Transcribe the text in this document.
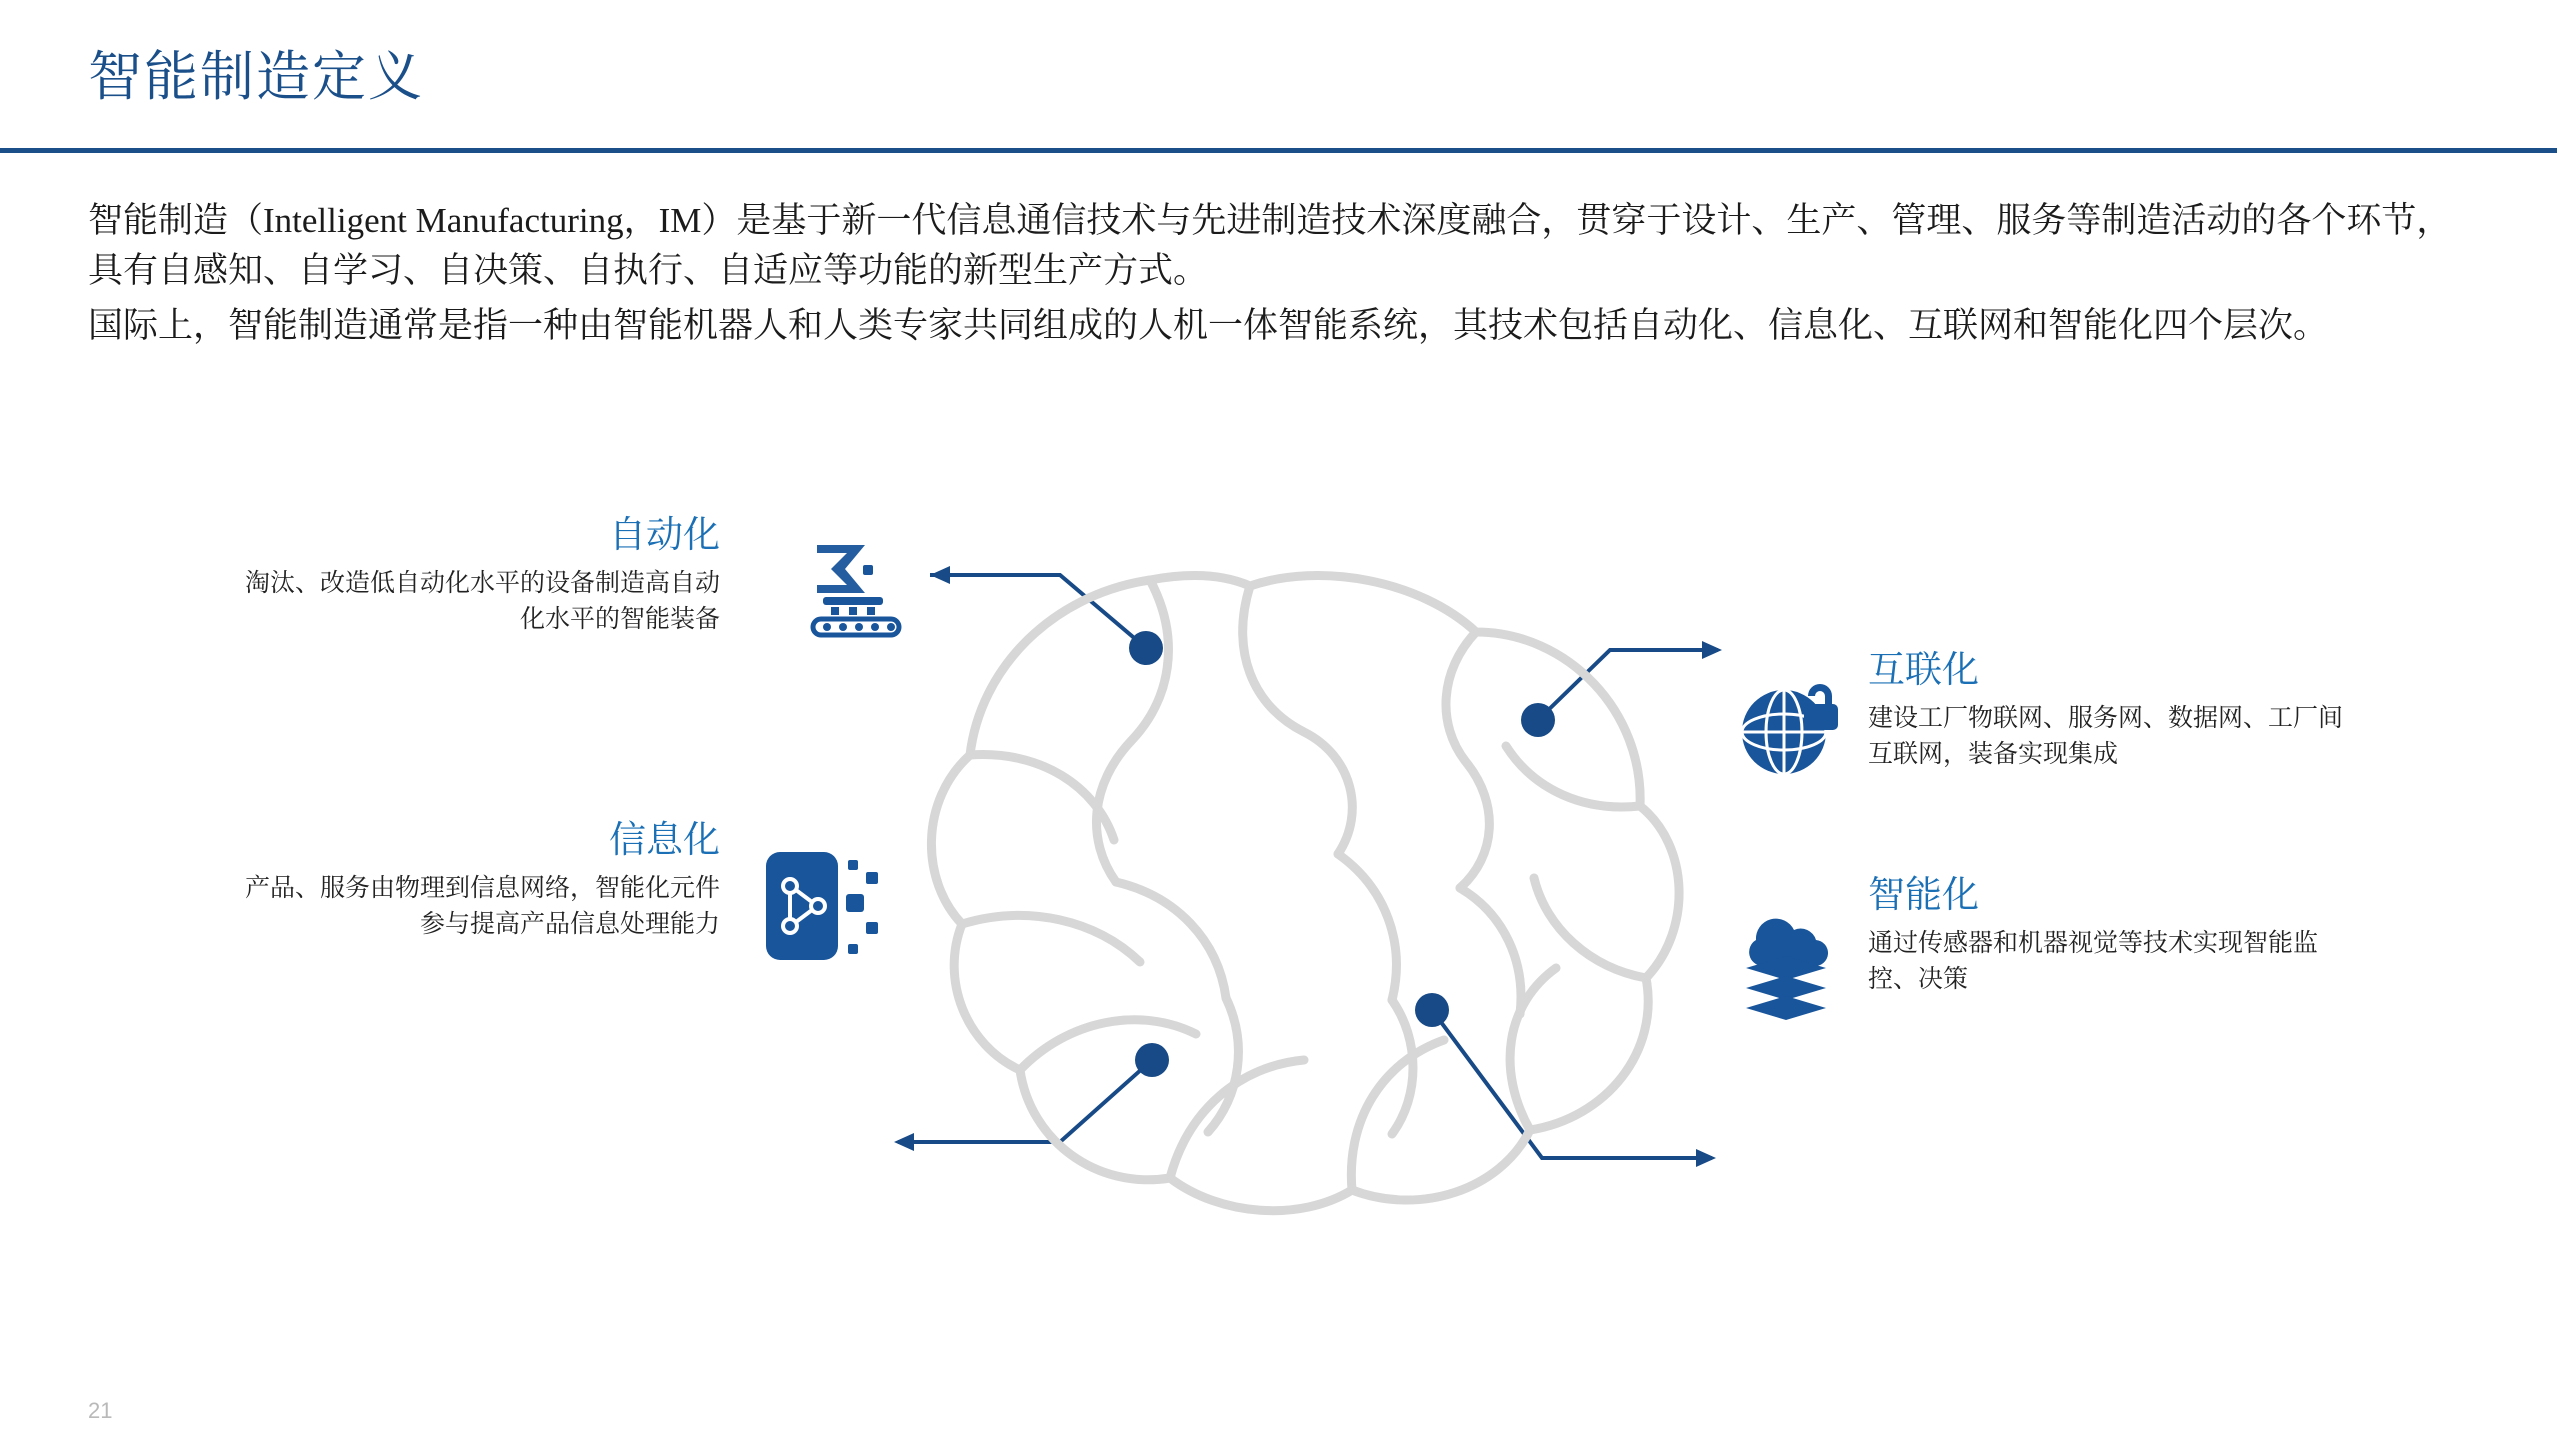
智能制造定义

智能制造（Intelligent Manufacturing，IM）是基于新一代信息通信技术与先进制造技术深度融合，贯穿于设计、生产、管理、服务等制造活动的各个环节，具有自感知、自学习、自决策、自执行、自适应等功能的新型生产方式。

国际上，智能制造通常是指一种由智能机器人和人类专家共同组成的人机一体智能系统，其技术包括自动化、信息化、互联网和智能化四个层次。

自动化
淘汰、改造低自动化水平的设备制造高自动化水平的智能装备
互联化
建设工厂物联网、服务网、数据网、工厂间互联网，装备实现集成
信息化
产品、服务由物理到信息网络，智能化元件参与提高产品信息处理能力
智能化
通过传感器和机器视觉等技术实现智能监控、决策
21
